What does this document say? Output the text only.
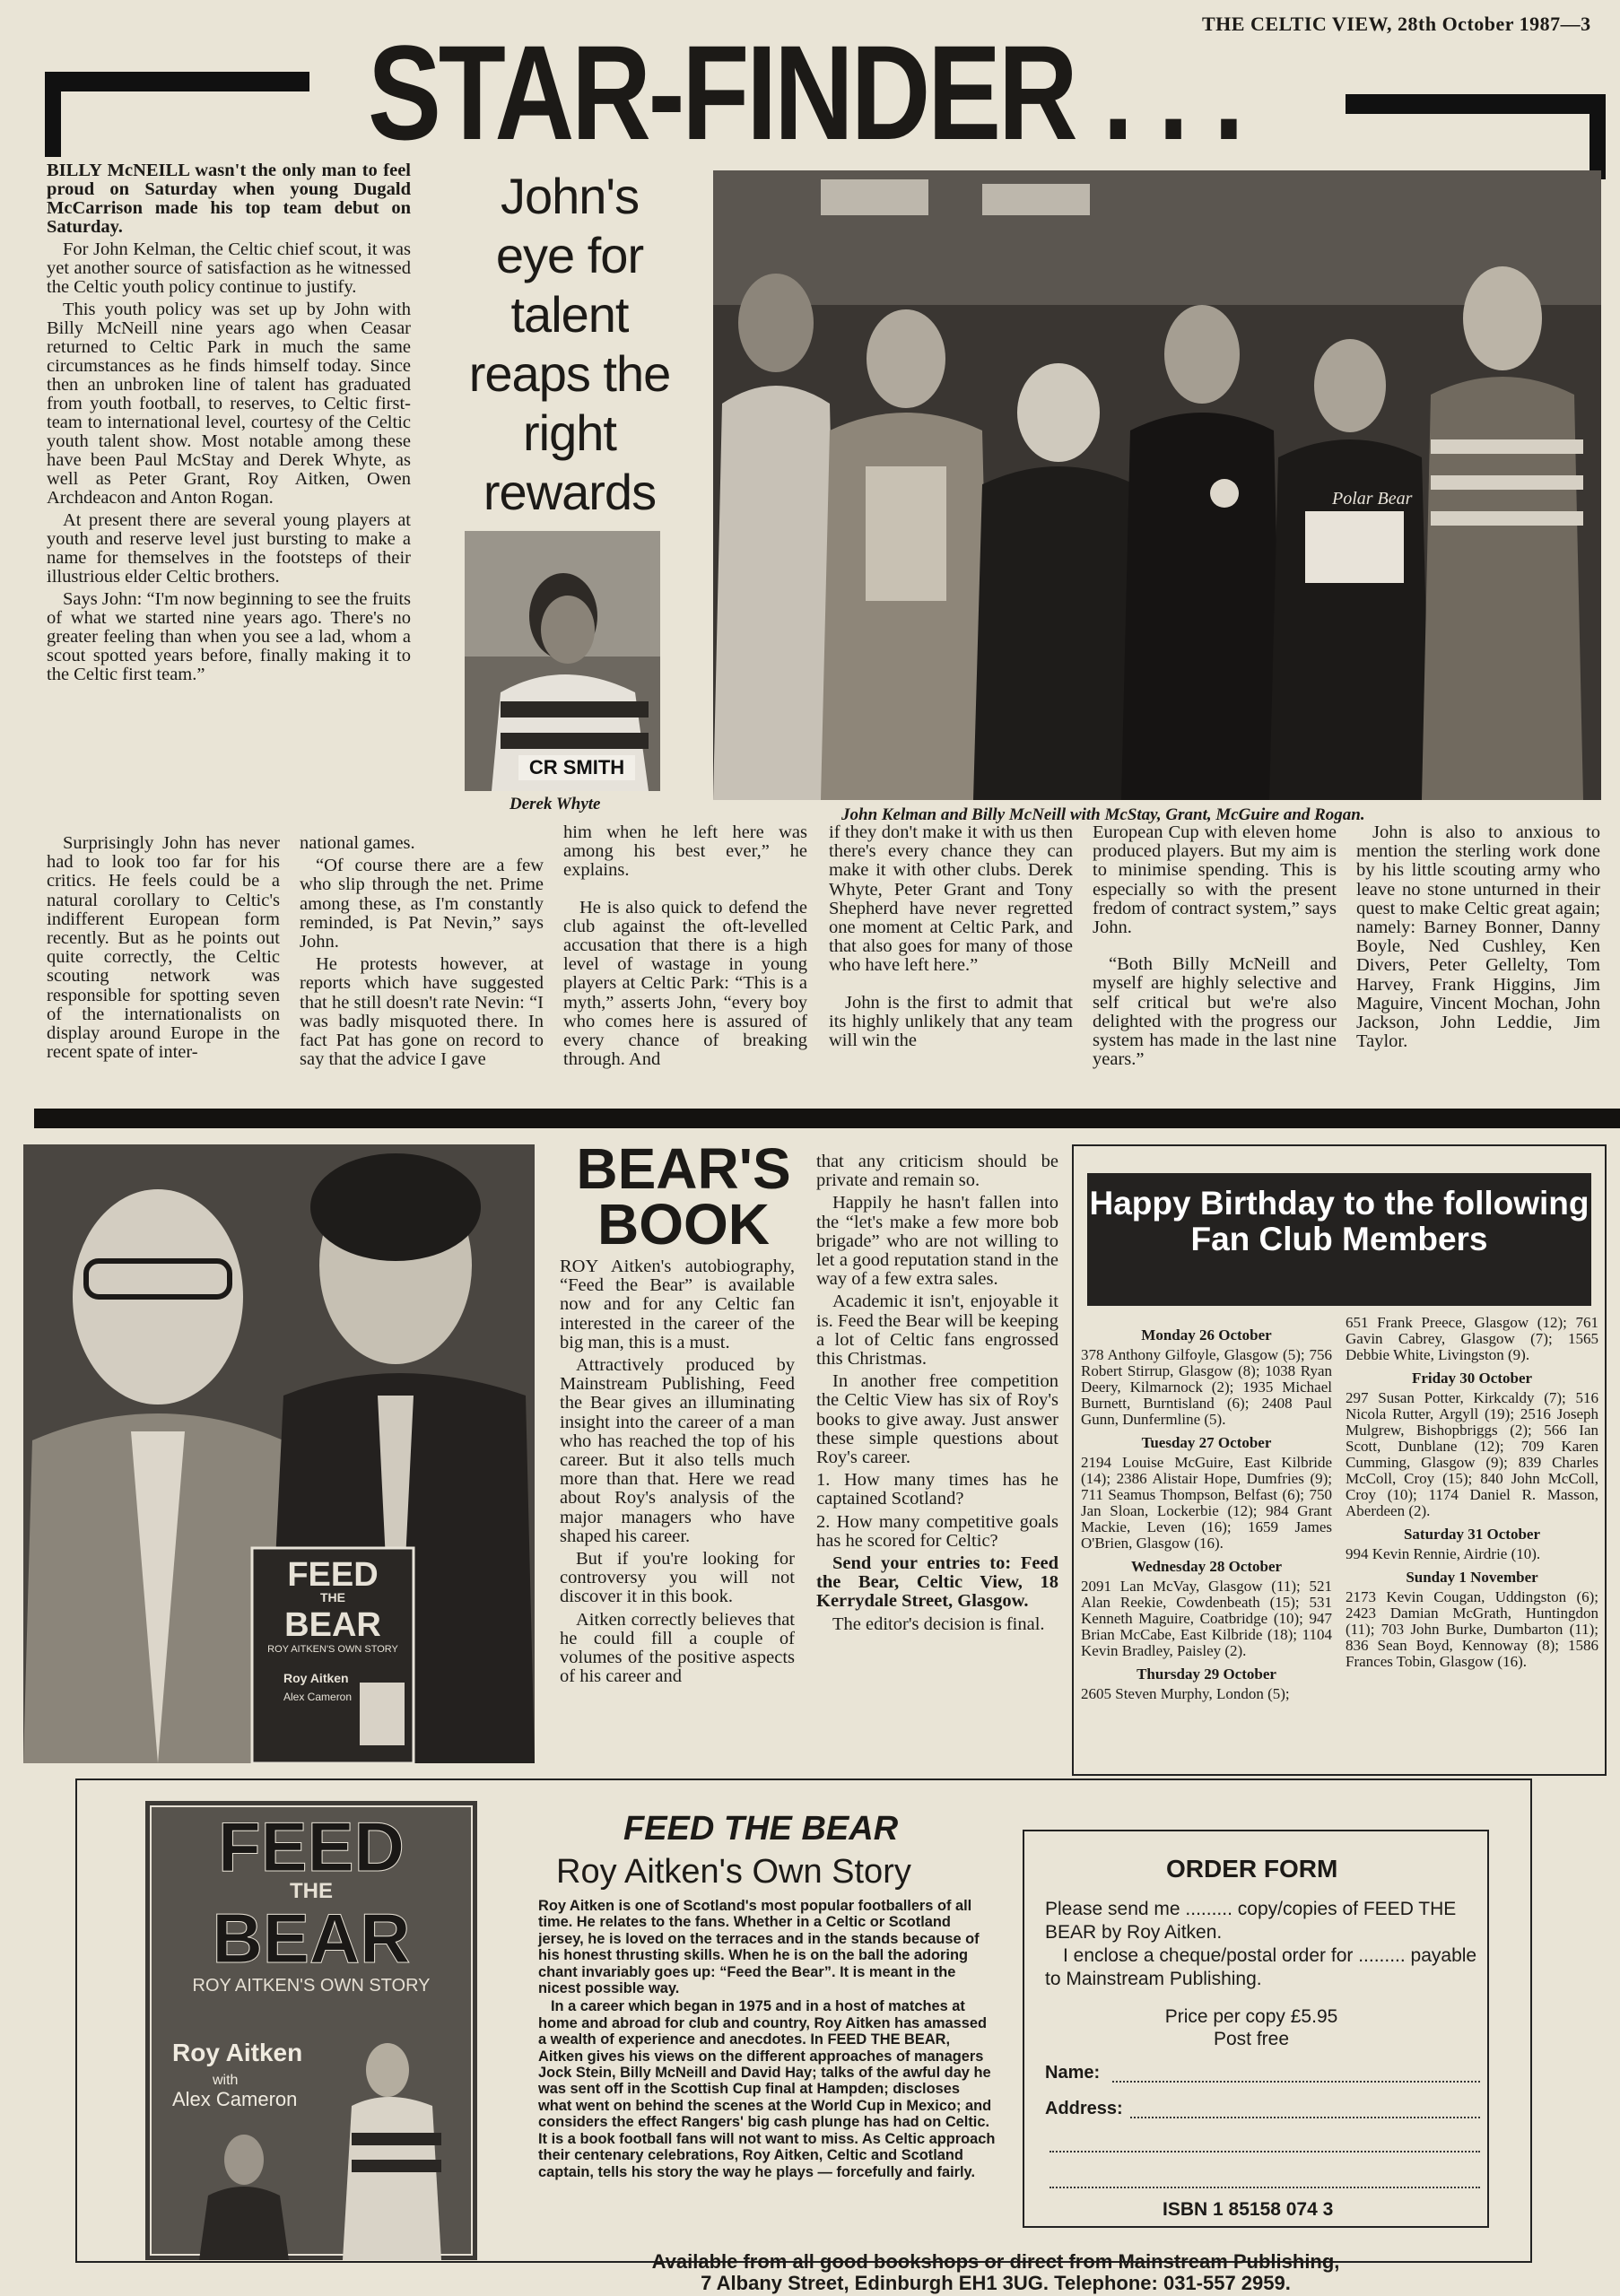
THE CELTIC VIEW, 28th October 1987—3
STAR-FINDER . . .

BILLY McNEILL wasn't the only man to feel proud on Saturday when young Dugald McCarrison made his top team debut on Saturday.

For John Kelman, the Celtic chief scout, it was yet another source of satisfaction as he witnessed the Celtic youth policy continue to justify.

This youth policy was set up by John with Billy McNeill nine years ago when Ceasar returned to Celtic Park in much the same circumstances as he finds himself today. Since then an unbroken line of talent has graduated from youth football, to reserves, to Celtic first-team to international level, courtesy of the Celtic youth talent show. Most notable among these have been Paul McStay and Derek Whyte, as well as Peter Grant, Roy Aitken, Owen Archdeacon and Anton Rogan.

At present there are several young players at youth and reserve level just bursting to make a name for themselves in the footsteps of their illustrious elder Celtic brothers.

Says John: “I'm now beginning to see the fruits of what we started nine years ago. There's no greater feeling than when you see a lad, whom a scout spotted years before, finally making it to the Celtic first team.”

John's eye for talent reaps the right rewards
CR SMITH
Derek Whyte
Polar Bear
John Kelman and Billy McNeill with McStay, Grant, McGuire and Rogan.

Surprisingly John has never had to look too far for his critics. He feels could be a natural corollary to Celtic's indifferent European form recently. But as he points out quite correctly, the Celtic scouting network was responsible for spotting seven of the internationalists on display around Europe in the recent spate of inter-

national games.

“Of course there are a few who slip through the net. Prime among these, as I'm constantly reminded, is Pat Nevin,” says John.

He protests however, at reports which have suggested that he still doesn't rate Nevin: “I was badly misquoted there. In fact Pat has gone on record to say that the advice I gave

him when he left here was among his best ever,” he explains.

He is also quick to defend the club against the oft-levelled accusation that there is a high level of wastage in young players at Celtic Park: “This is a myth,” asserts John, “every boy who comes here is assured of every chance of breaking through. And

if they don't make it with us then there's every chance they can make it with other clubs. Derek Whyte, Peter Grant and Tony Shepherd have never regretted one moment at Celtic Park, and that also goes for many of those who have left here.”

John is the first to admit that its highly unlikely that any team will win the

European Cup with eleven home produced players. But my aim is to minimise spending. This is especially so with the present fredom of contract system,” says John.

“Both Billy McNeill and myself are highly selective and self critical but we're also delighted with the progress our system has made in the last nine years.”

John is also to anxious to mention the sterling work done by his little scouting army who leave no stone unturned in their quest to make Celtic great again; namely: Barney Bonner, Danny Boyle, Ned Cushley, Ken Divers, Peter Gellelty, Tom Harvey, Frank Higgins, Jim Maguire, Vincent Mochan, John Jackson, John Leddie, Jim Taylor.

FEED
THE
BEAR
ROY AITKEN'S OWN STORY
Roy Aitken
Alex Cameron
BEAR'S
BOOK

ROY Aitken's autobiography, “Feed the Bear” is available now and for any Celtic fan interested in the career of the big man, this is a must.

Attractively produced by Mainstream Publishing, Feed the Bear gives an illuminating insight into the career of a man who has reached the top of his career. But it also tells much more than that. Here we read about Roy's analysis of the major managers who have shaped his career.

But if you're looking for controversy you will not discover it in this book.

Aitken correctly believes that he could fill a couple of volumes of the positive aspects of his career and

that any criticism should be private and remain so.

Happily he hasn't fallen into the “let's make a few more bob brigade” who are not willing to let a good reputation stand in the way of a few extra sales.

Academic it isn't, enjoyable it is. Feed the Bear will be keeping a lot of Celtic fans engrossed this Christmas.

In another free competition the Celtic View has six of Roy's books to give away. Just answer these simple questions about Roy's career.

1. How many times has he captained Scotland?

2. How many competitive goals has he scored for Celtic?

Send your entries to: Feed the Bear, Celtic View, 18 Kerrydale Street, Glasgow.

The editor's decision is final.

Happy Birthday to the following Fan Club Members
Monday 26 October

378 Anthony Gilfoyle, Glasgow (5); 756 Robert Stirrup, Glasgow (8); 1038 Ryan Deery, Kilmarnock (2); 1935 Michael Burnett, Burntisland (6); 2408 Paul Gunn, Dunfermline (5).

Tuesday 27 October

2194 Louise McGuire, East Kilbride (14); 2386 Alistair Hope, Dumfries (9); 711 Seamus Thompson, Belfast (6); 750 Jan Sloan, Lockerbie (12); 984 Grant Mackie, Leven (16); 1659 James O'Brien, Glasgow (16).

Wednesday 28 October

2091 Lan McVay, Glasgow (11); 521 Alan Reekie, Cowdenbeath (15); 531 Kenneth Maguire, Coatbridge (10); 947 Brian McCabe, East Kilbride (18); 1104 Kevin Bradley, Paisley (2).

Thursday 29 October

2605 Steven Murphy, London (5);

651 Frank Preece, Glasgow (12); 761 Gavin Cabrey, Glasgow (7); 1565 Debbie White, Livingston (9).

Friday 30 October

297 Susan Potter, Kirkcaldy (7); 516 Nicola Rutter, Argyll (19); 2516 Joseph Mulgrew, Bishopbriggs (2); 566 Ian Scott, Dunblane (12); 709 Karen Cumming, Glasgow (9); 839 Charles McColl, Croy (15); 840 John McColl, Croy (10); 1174 Daniel R. Masson, Aberdeen (2).

Saturday 31 October

994 Kevin Rennie, Airdrie (10).

Sunday 1 November

2173 Kevin Cougan, Uddingston (6); 2423 Damian McGrath, Huntingdon (11); 703 John Burke, Dumbarton (11); 836 Sean Boyd, Kennoway (8); 1586 Frances Tobin, Glasgow (16).

FEED
THE
BEAR
ROY AITKEN'S OWN STORY
Roy Aitken
with
Alex Cameron
FEED THE BEAR
Roy Aitken's Own Story

Roy Aitken is one of Scotland's most popular footballers of all time. He relates to the fans. Whether in a Celtic or Scotland jersey, he is loved on the terraces and in the stands because of his honest thrusting skills. When he is on the ball the adoring chant invariably goes up: “Feed the Bear”. It is meant in the nicest possible way.

In a career which began in 1975 and in a host of matches at home and abroad for club and country, Roy Aitken has amassed a wealth of experience and anecdotes. In FEED THE BEAR, Aitken gives his views on the different approaches of managers Jock Stein, Billy McNeill and David Hay; talks of the awful day he was sent off in the Scottish Cup final at Hampden; discloses what went on behind the scenes at the World Cup in Mexico; and considers the effect Rangers' big cash plunge has had on Celtic. It is a book football fans will not want to miss. As Celtic approach their centenary celebrations, Roy Aitken, Celtic and Scotland captain, tells his story the way he plays — forcefully and fairly.

Available from all good bookshops or direct from Mainstream Publishing,
7 Albany Street, Edinburgh EH1 3UG. Telephone: 031-557 2959.
ORDER FORM
Please send me ......... copy/copies of FEED THE BEAR by Roy Aitken.
I enclose a cheque/postal order for ......... payable to Mainstream Publishing.
Price per copy £5.95
Post free
Name:
Address:
ISBN 1 85158 074 3
